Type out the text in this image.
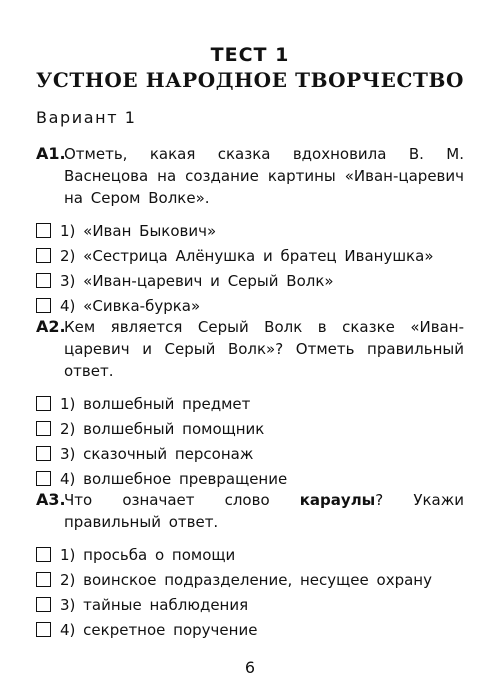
ТЕСТ 1
УСТНОЕ НАРОДНОЕ ТВОРЧЕСТВО
Вариант 1
А1.
Отметь, какая сказка вдохновила В. М. Васнецова на создание картины «Иван-царевич на Сером Волке».
1) «Иван Быкович»
2) «Сестрица Алёнушка и братец Иванушка»
3) «Иван-царевич и Серый Волк»
4) «Сивка-бурка»
А2.
Кем является Серый Волк в сказке «Иван-царевич и Серый Волк»? Отметь правильный ответ.
1) волшебный предмет
2) волшебный помощник
3) сказочный персонаж
4) волшебное превращение
А3.
Что означает слово караулы? Укажи правильный ответ.
1) просьба о помощи
2) воинское подразделение, несущее охрану
3) тайные наблюдения
4) секретное поручение
6
